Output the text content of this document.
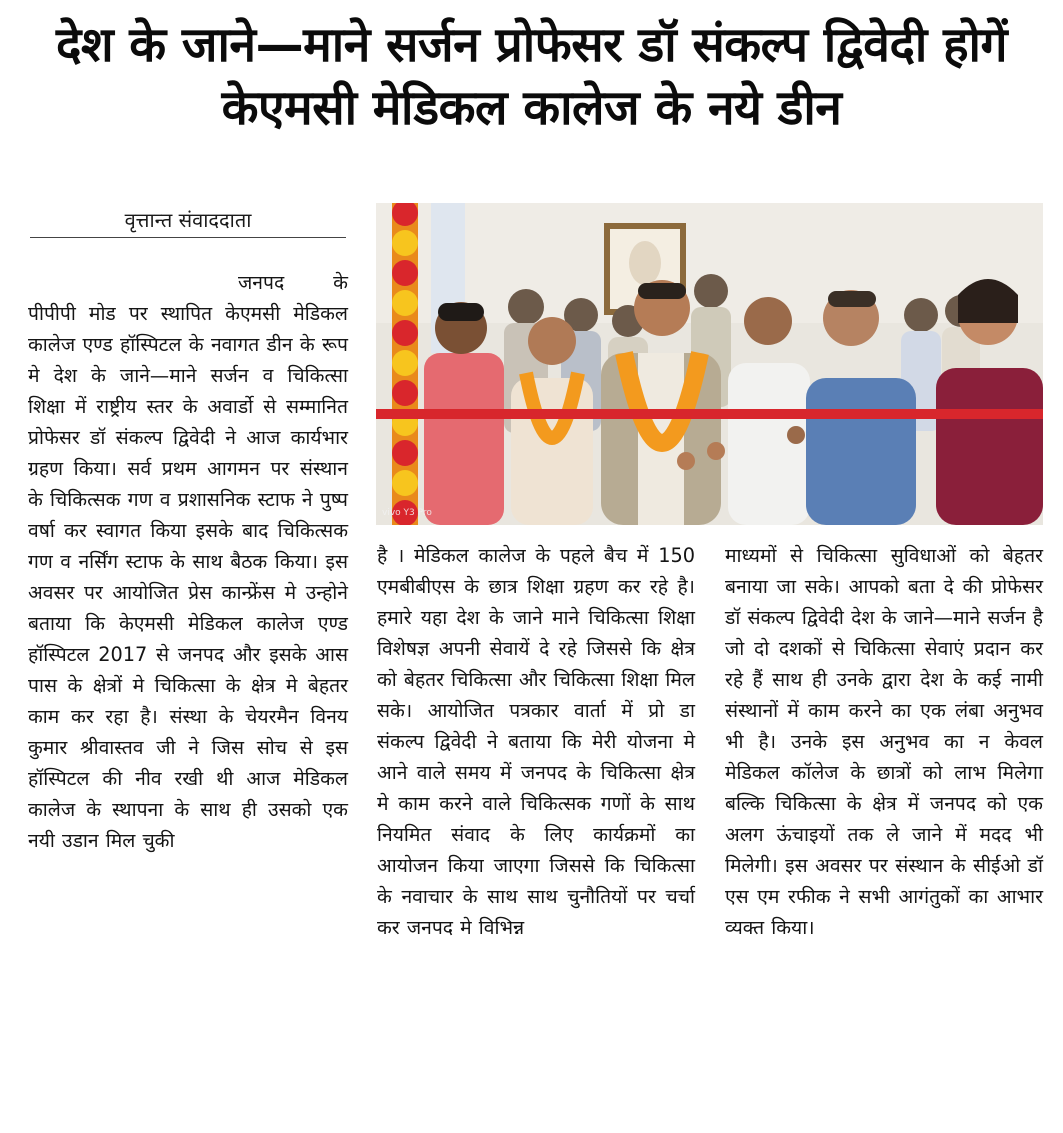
देश के जाने—माने सर्जन प्रोफेसर डॉ संकल्प द्विवेदी होगें केएमसी मेडिकल कालेज के नये डीन
वृत्तान्त संवाददाता

जनपद के पीपीपी मोड पर स्थापित केएमसी मेडिकल कालेज एण्ड हॉस्पिटल के नवागत डीन के रूप मे देश के जाने—माने सर्जन व चिकित्सा शिक्षा में राष्ट्रीय स्तर के अवार्डो से सम्मानित प्रोफेसर डॉ संकल्प द्विवेदी ने आज कार्यभार ग्रहण किया। सर्व प्रथम आगमन पर संस्थान के चिकित्सक गण व प्रशासनिक स्टाफ ने पुष्प वर्षा कर स्वागत किया इसके बाद चिकित्सक गण व नर्सिंग स्टाफ के साथ बैठक किया। इस अवसर पर आयोजित प्रेस कान्फ्रेंस मे उन्होने बताया कि केएमसी मेडिकल कालेज एण्ड हॉस्पिटल 2017 से जनपद और इसके आस पास के क्षेत्रों मे चिकित्सा के क्षेत्र मे बेहतर काम कर रहा है। संस्था के चेयरमैन विनय कुमार श्रीवास्तव जी ने जिस सोच से इस हॉस्पिटल की नीव रखी थी आज मेडिकल कालेज के स्थापना के साथ ही उसको एक नयी उडान मिल चुकी

vivo Y3 Pro

है । मेडिकल कालेज के पहले बैच में 150 एमबीबीएस के छात्र शिक्षा ग्रहण कर रहे है। हमारे यहा देश के जाने माने चिकित्सा शिक्षा विशेषज्ञ अपनी सेवायें दे रहे जिससे कि क्षेत्र को बेहतर चिकित्सा और चिकित्सा शिक्षा मिल सके। आयोजित पत्रकार वार्ता में प्रो डा संकल्प द्विवेदी ने बताया कि मेरी योजना मे आने वाले समय में जनपद के चिकित्सा क्षेत्र मे काम करने वाले चिकित्सक गणों के साथ नियमित संवाद के लिए कार्यक्रमों का आयोजन किया जाएगा जिससे कि चिकित्सा के नवाचार के साथ साथ चुनौतियों पर चर्चा कर जनपद मे विभिन्न

माध्यमों से चिकित्सा सुविधाओं को बेहतर बनाया जा सके। आपको बता दे की प्रोफेसर डॉ संकल्प द्विवेदी देश के जाने—माने सर्जन है जो दो दशकों से चिकित्सा सेवाएं प्रदान कर रहे हैं साथ ही उनके द्वारा देश के कई नामी संस्थानों में काम करने का एक लंबा अनुभव भी है। उनके इस अनुभव का न केवल मेडिकल कॉलेज के छात्रों को लाभ मिलेगा बल्कि चिकित्सा के क्षेत्र में जनपद को एक अलग ऊंचाइयों तक ले जाने में मदद भी मिलेगी। इस अवसर पर संस्थान के सीईओ डॉ एस एम रफीक ने सभी आगंतुकों का आभार व्यक्त किया।
